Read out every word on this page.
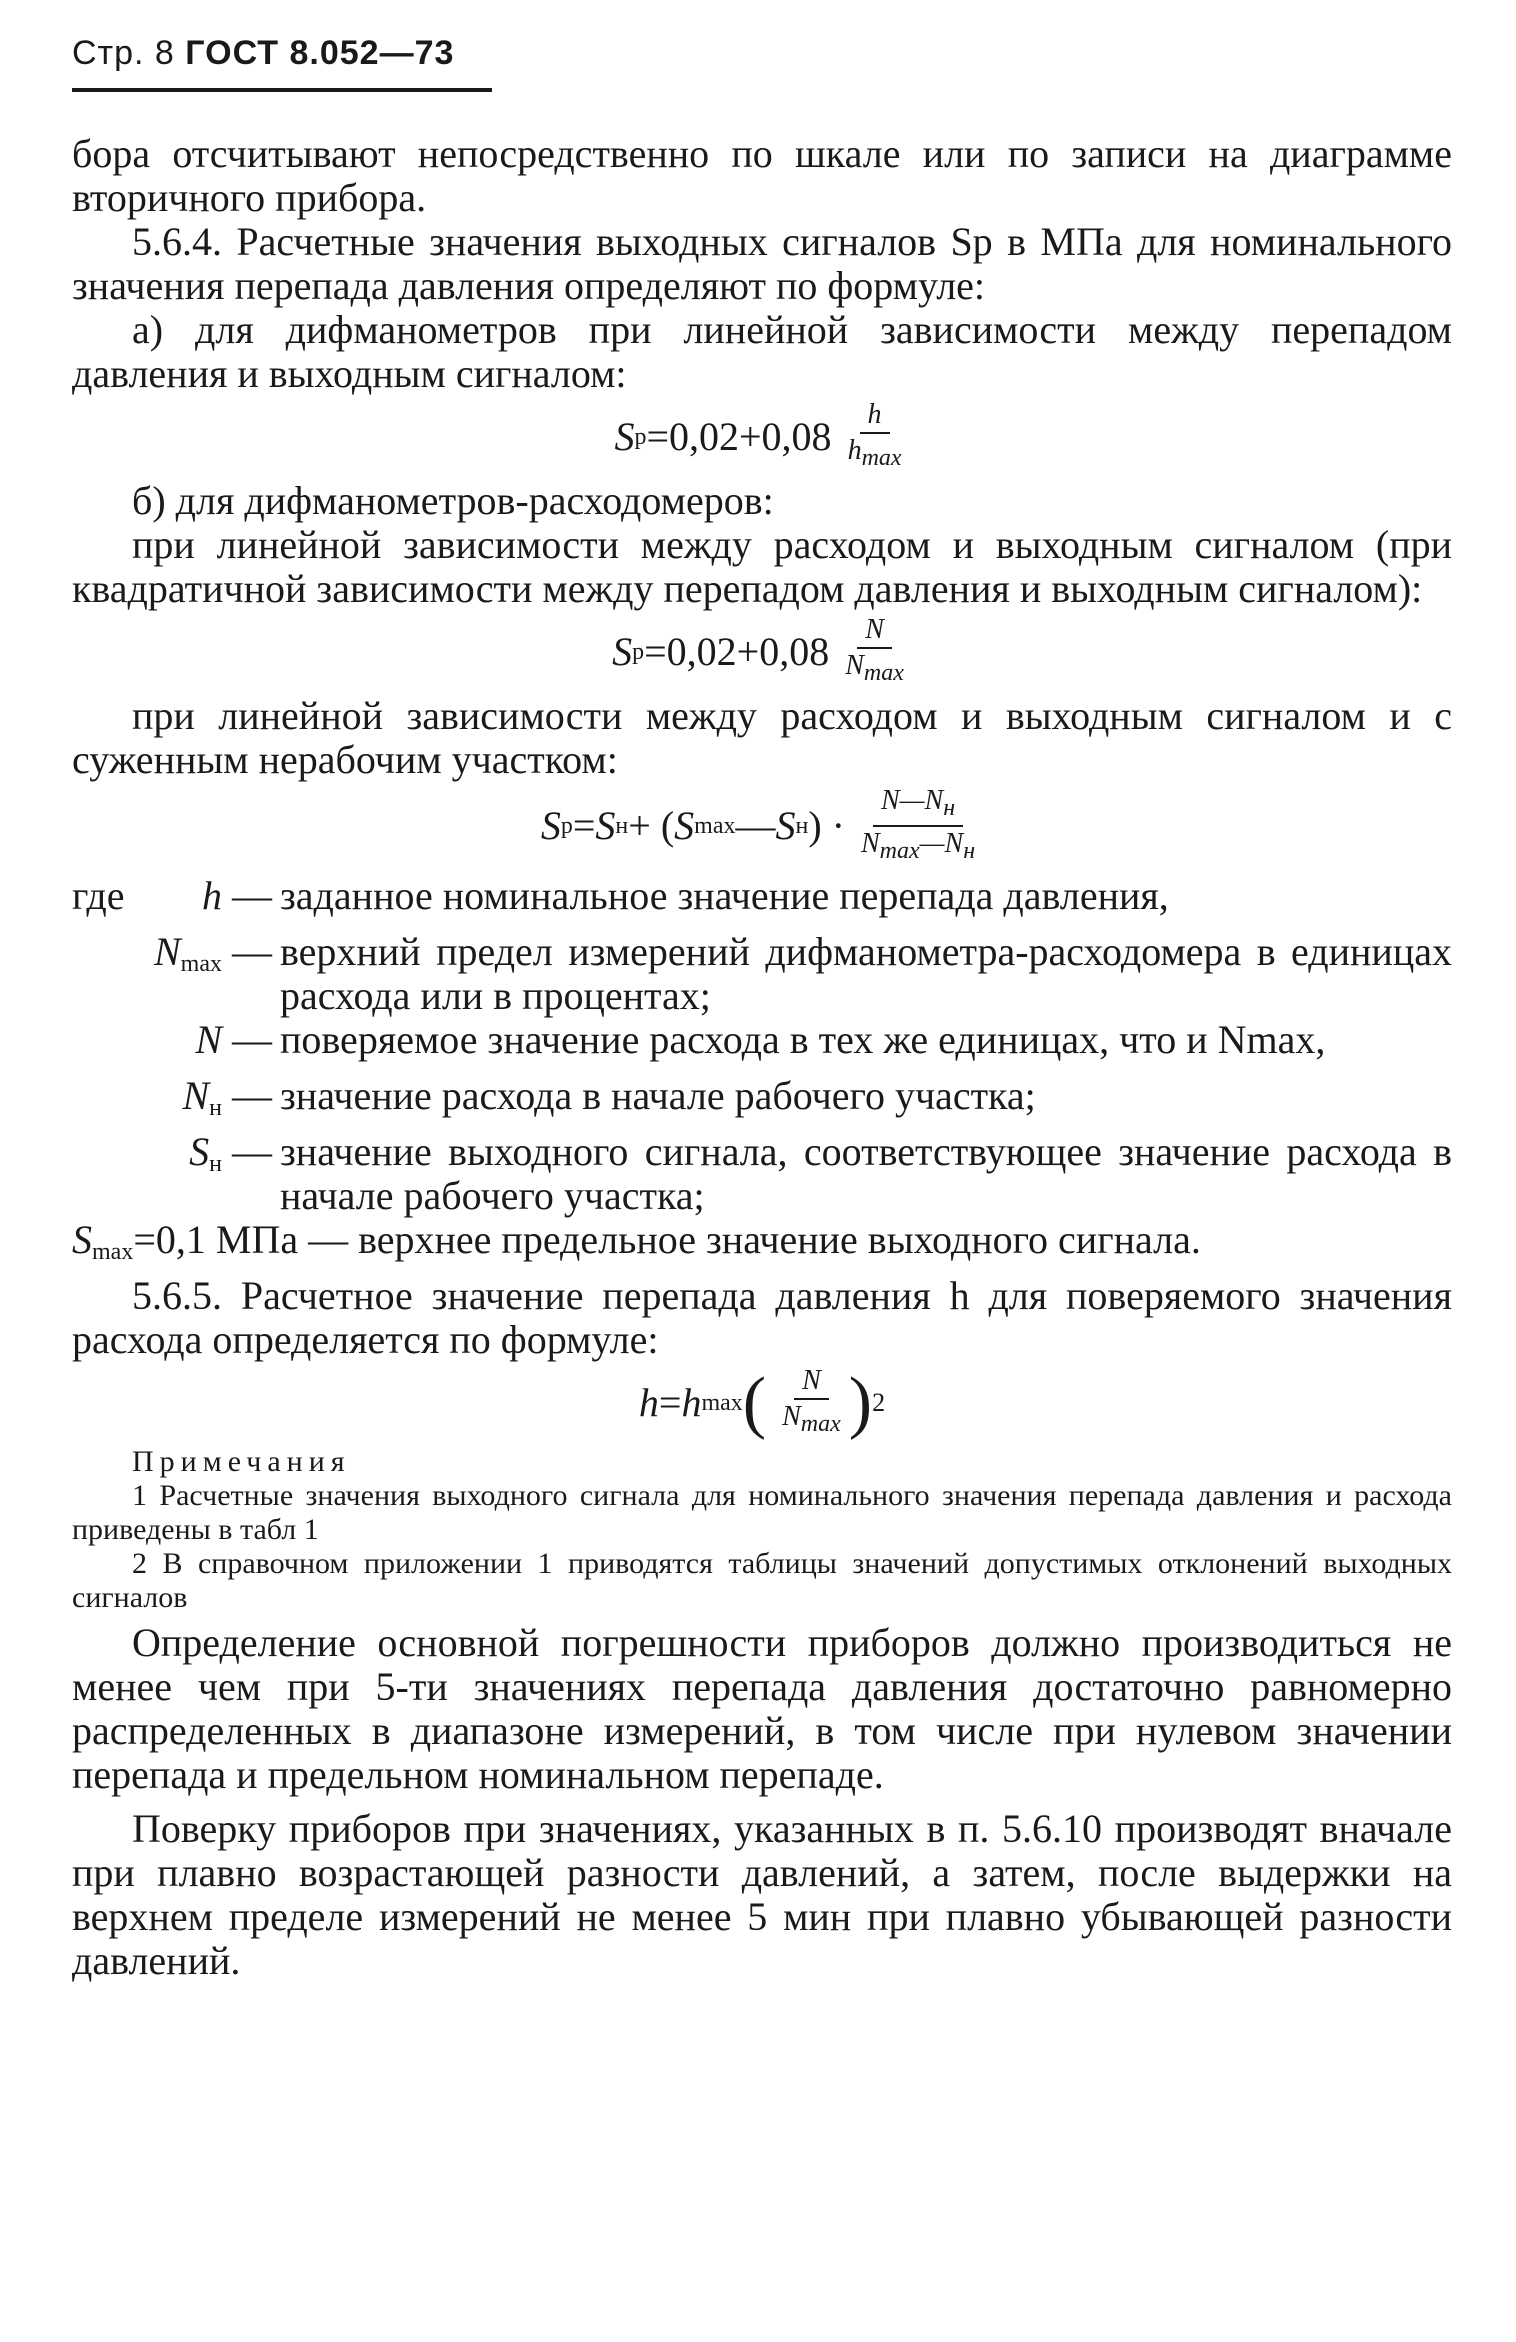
Стр. 8 ГОСТ 8.052—73

бора отсчитывают непосредственно по шкале или по записи на диаграмме вторичного прибора.

5.6.4. Расчетные значения выходных сигналов Sр в МПа для номинального значения перепада давления определяют по формуле:

а) для дифманометров при линейной зависимости между перепадом давления и выходным сигналом:

S $р =0,02+0,08 \frac{h}{hmax}$

б) для дифманометров-расходомеров:

при линейной зависимости между расходом и выходным сигналом (при квадратичной зависимости между перепадом давления и выходным сигналом):

S $р =0,02+0,08 \frac{N}{Nmax}$

при линейной зависимости между расходом и выходным сигналом и с суженным нерабочим участком:

S р = S н + ( S max — S н ) · $\frac{N—Nн}{Nmax—Nн}$
где h — заданное номинальное значение перепада давления,
$N_{max}$ — верхний предел измерений дифманометра-расходомера в единицах расхода или в процентах;
N — поверяемое значение расхода в тех же единицах, что и Nmax,
$N_н$ — значение расхода в начале рабочего участка;
$S_н$ — значение выходного сигнала, соответствующее значение расхода в начале рабочего участка;
$S_{max}=0,1$ МПа — верхнее предельное значение выходного сигнала.

5.6.5. Расчетное значение перепада давления h для поверяемого значения расхода определяется по формуле:

h = h max ( $\frac{N}{Nmax}$ ) 2
Примечания
1 Расчетные значения выходного сигнала для номинального значения перепада давления и расхода приведены в табл 1
2 В справочном приложении 1 приводятся таблицы значений допустимых отклонений выходных сигналов

Определение основной погрешности приборов должно производиться не менее чем при 5-ти значениях перепада давления достаточно равномерно распределенных в диапазоне измерений, в том числе при нулевом значении перепада и предельном номинальном перепаде.

Поверку приборов при значениях, указанных в п. 5.6.10 производят вначале при плавно возрастающей разности давлений, а затем, после выдержки на верхнем пределе измерений не менее 5 мин при плавно убывающей разности давлений.
